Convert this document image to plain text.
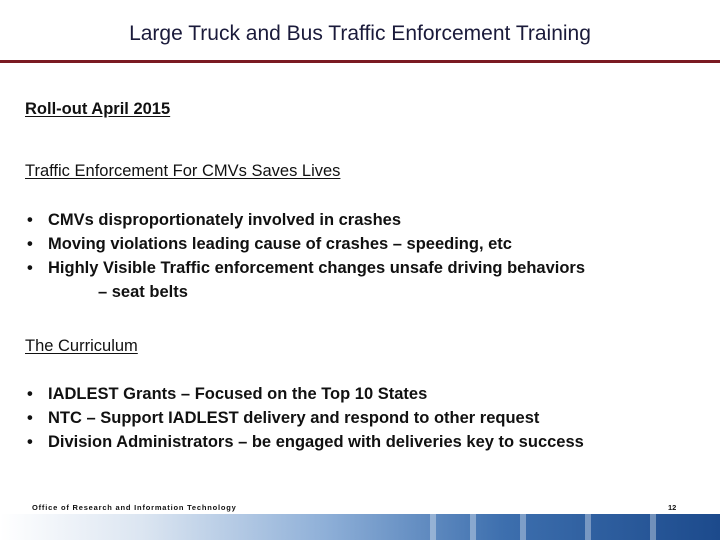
Large Truck and Bus Traffic Enforcement Training
Roll-out April 2015
Traffic Enforcement For CMVs Saves Lives
• CMVs disproportionately involved in crashes
• Moving violations leading cause of crashes – speeding, etc
• Highly Visible Traffic enforcement changes unsafe driving behaviors
– seat belts
The Curriculum
• IADLEST Grants – Focused on the Top 10 States
• NTC – Support IADLEST delivery and respond to other request
• Division Administrators – be engaged with deliveries key to success
Office of Research and Information Technology	12
